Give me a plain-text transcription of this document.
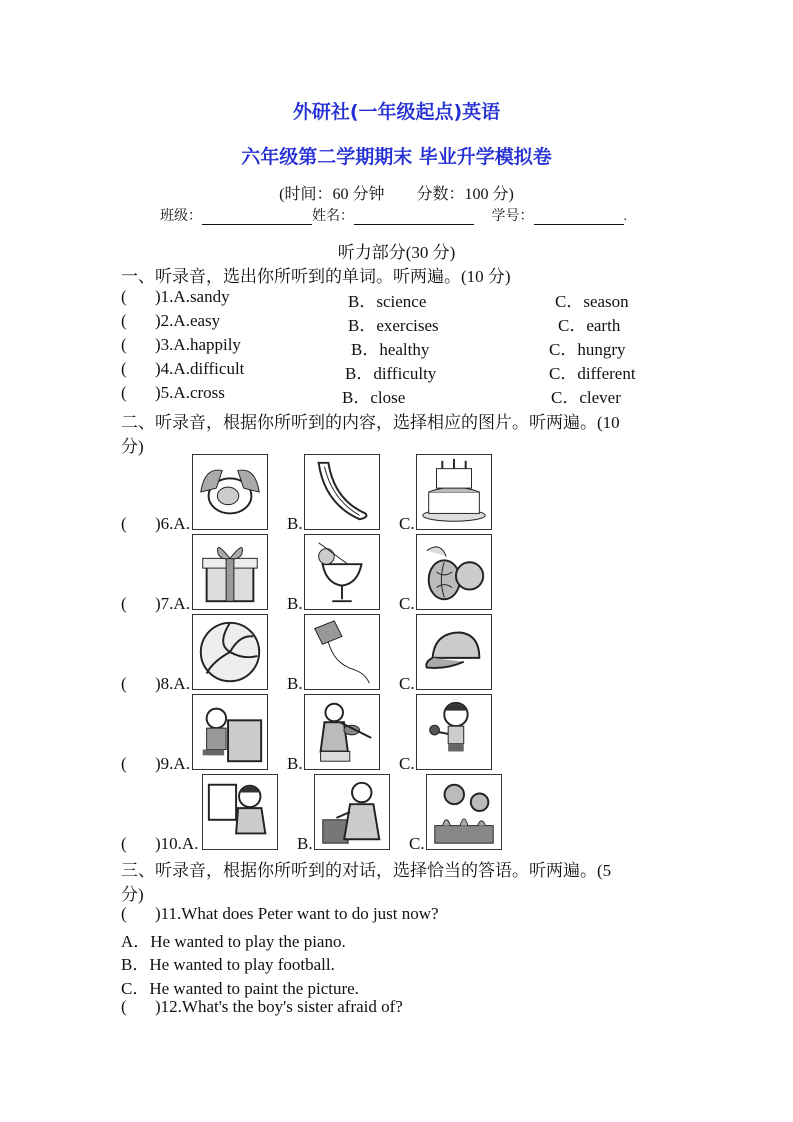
外研社(一年级起点)英语
六年级第二学期期末 毕业升学模拟卷
(时间：60 分钟 分数：100 分)
班级：	姓名：	学号：	.
听力部分(30 分)
一、听录音，选出你所听到的单词。听两遍。(10 分)
( )1.A.sandy	B．science	C．season
( )2.A.easy	B．exercises	C．earth
( )3.A.happily	B．healthy	C．hungry
( )4.A.difficult	B．difficulty	C．different
( )5.A.cross	B．close	C．clever
二、听录音，根据你所听到的内容，选择相应的图片。听两遍。(10
分)
( )6.A.	B.	C.
( )7.A.	B.	C.
( )8.A.	B.	C.
( )9.A.	B.	C.
( )10.A.	B.	C.
三、听录音，根据你所听到的对话，选择恰当的答语。听两遍。(5
分)
( )11.What does Peter want to do just now?
A．He wanted to play the piano.
B．He wanted to play football.
C．He wanted to paint the picture.
( )12.What's the boy's sister afraid of?
